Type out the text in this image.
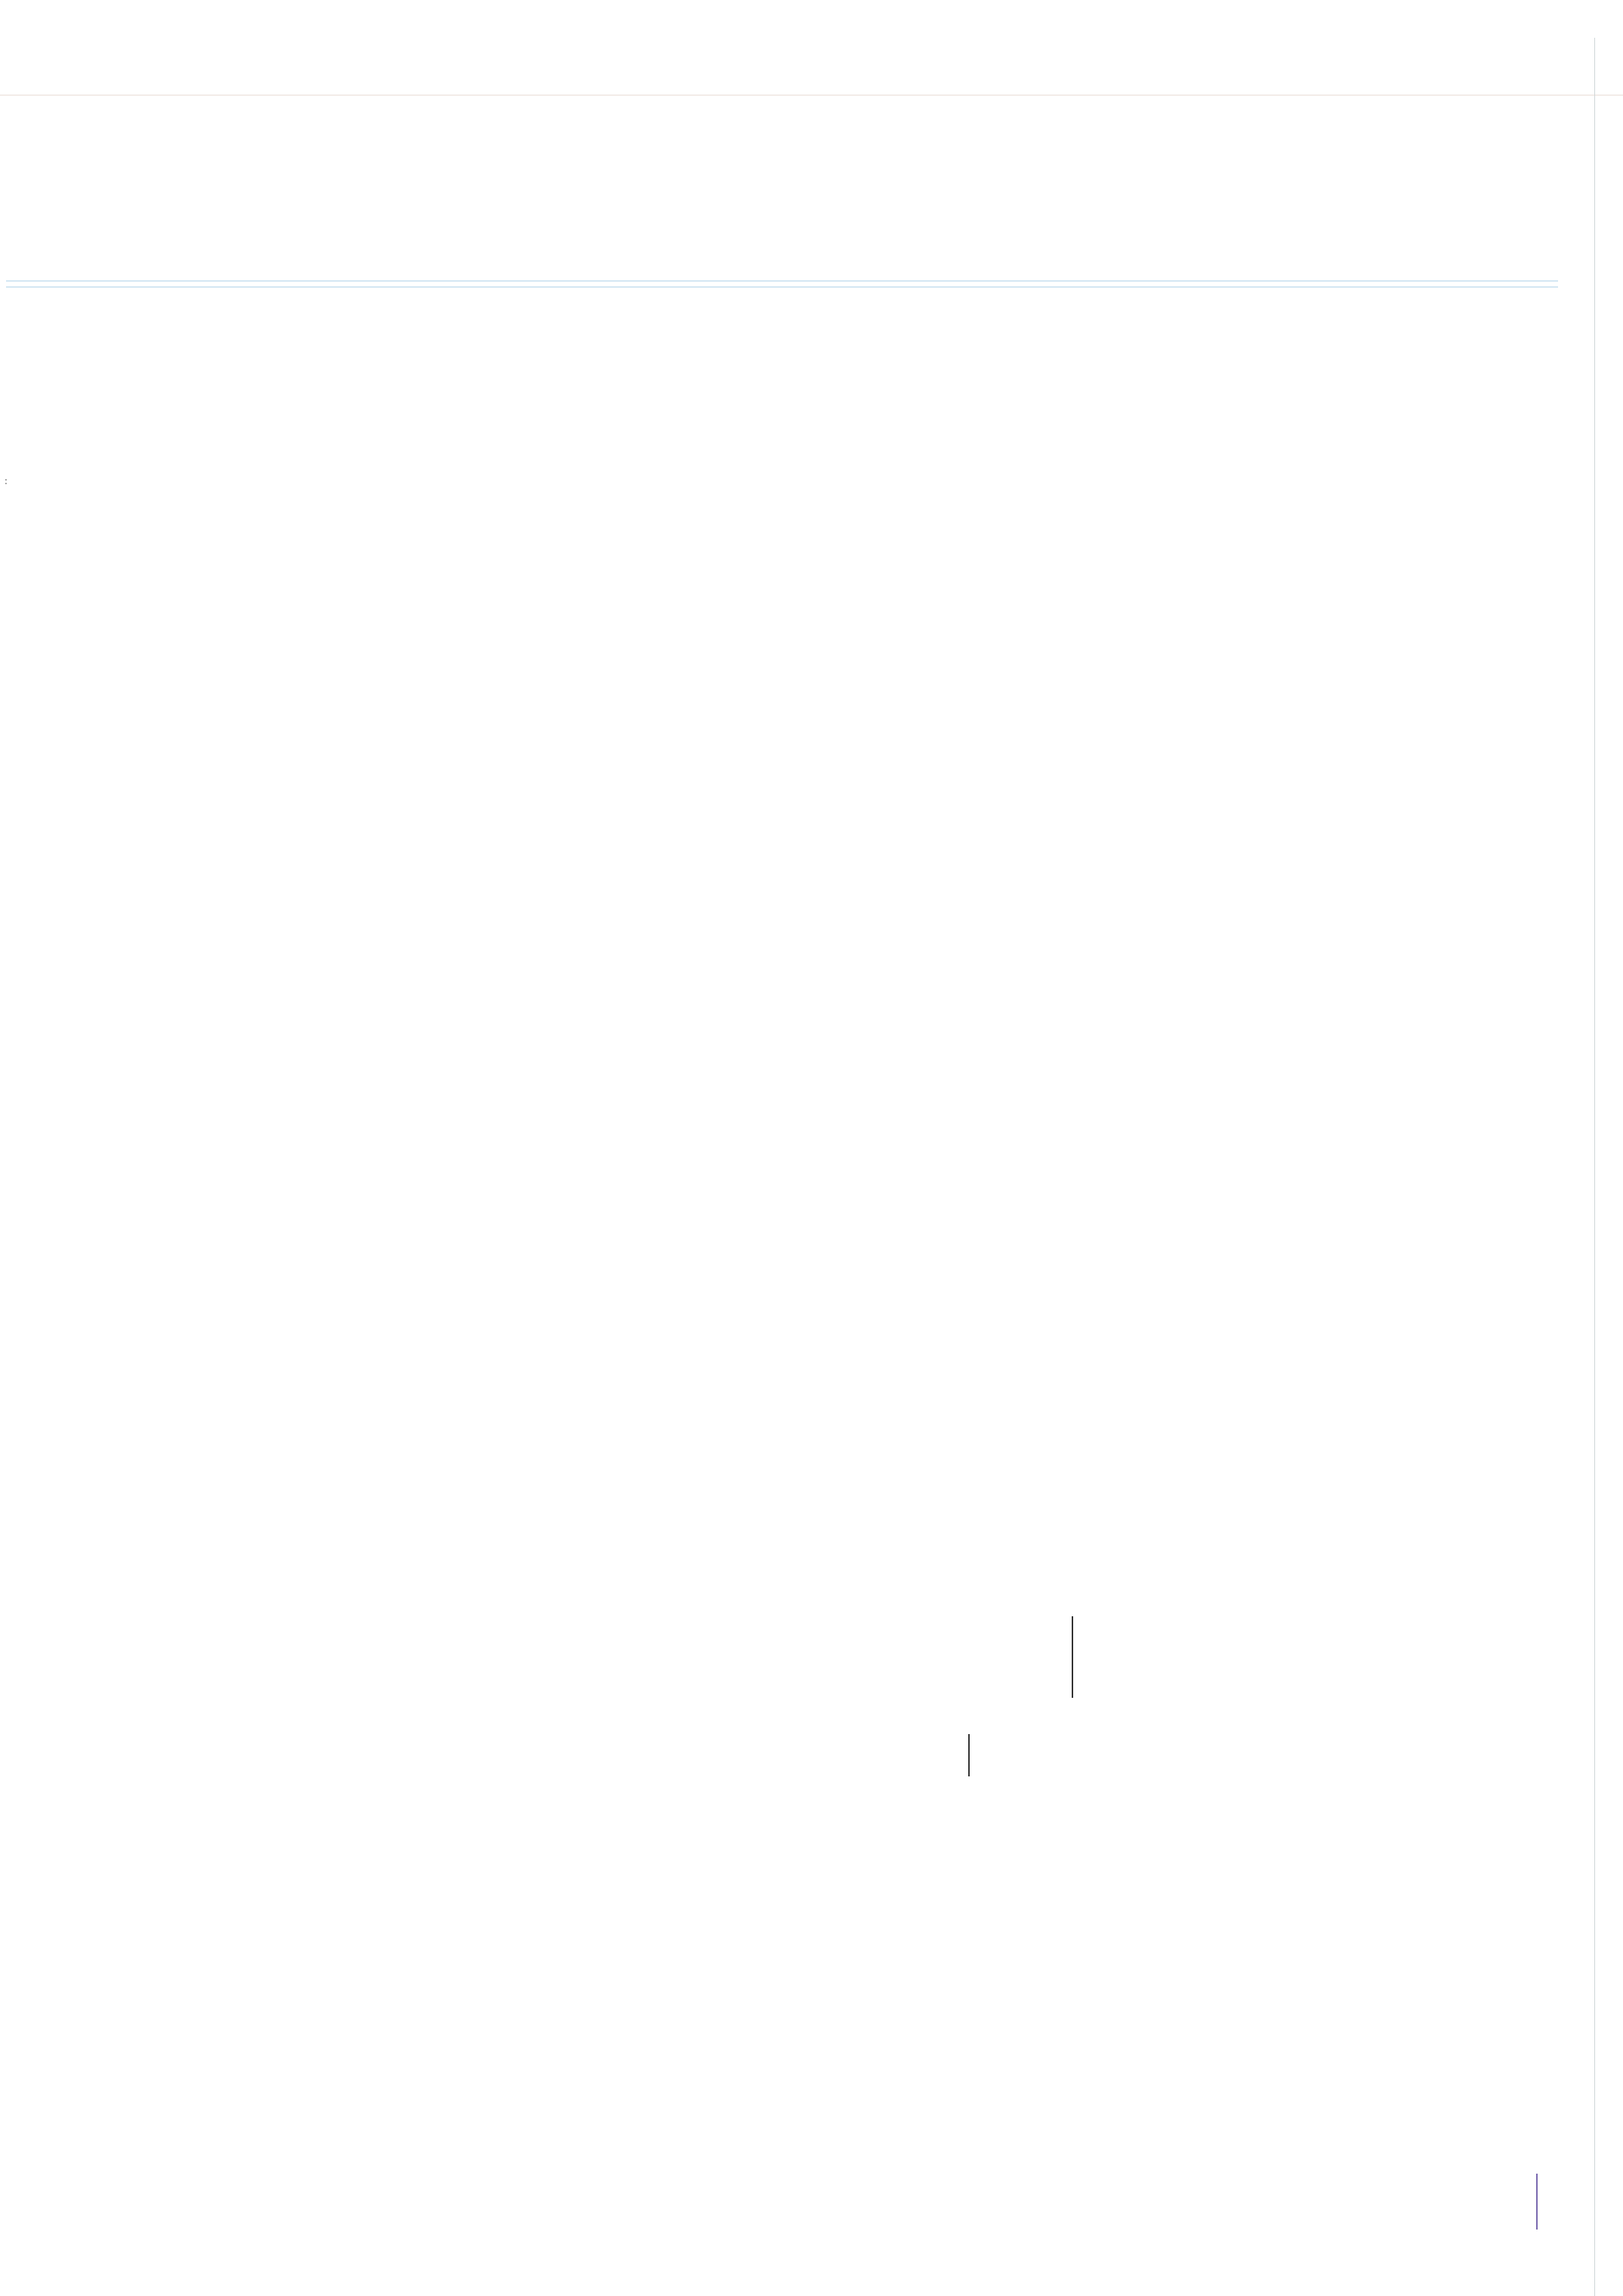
:
